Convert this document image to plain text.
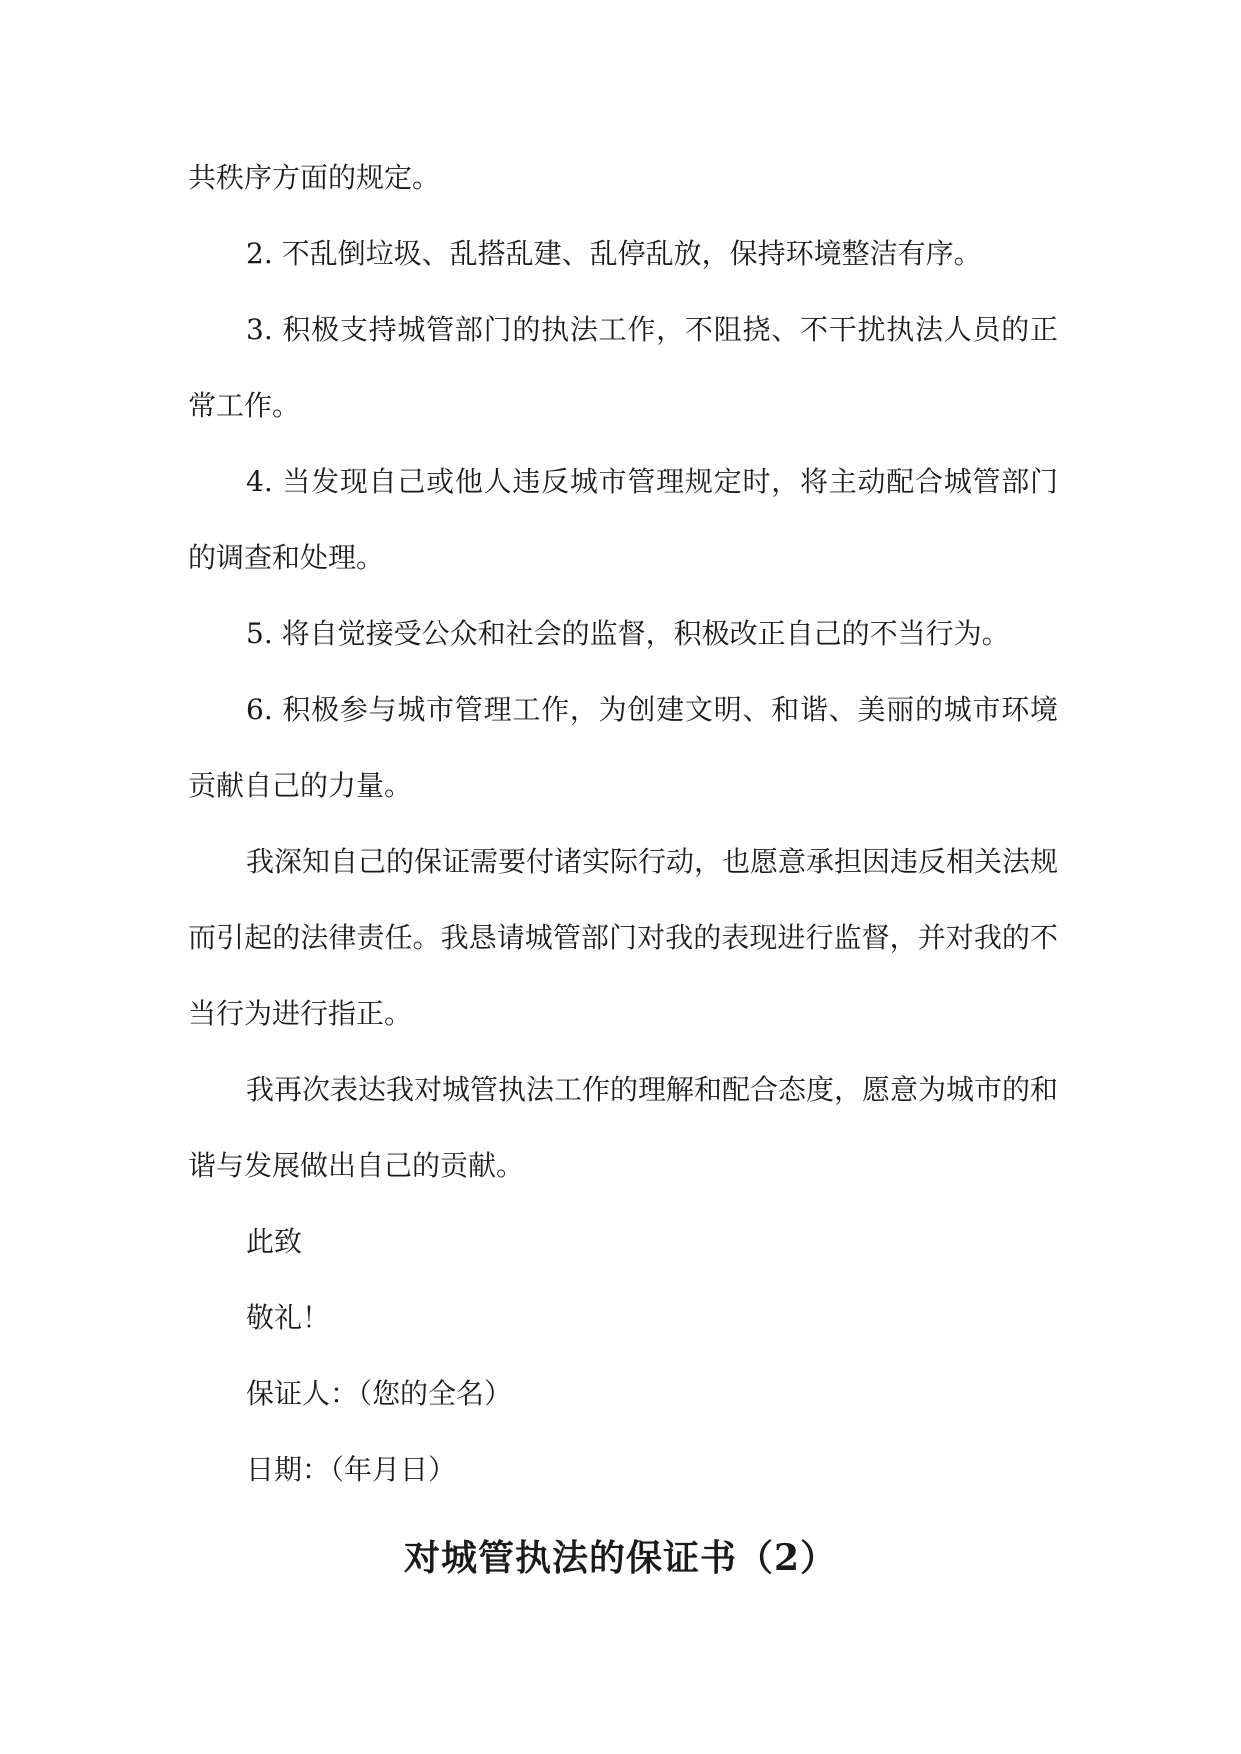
共秩序方面的规定。

2. 不乱倒垃圾、乱搭乱建、乱停乱放，保持环境整洁有序。

3. 积极支持城管部门的执法工作，不阻挠、不干扰执法人员的正常工作。

4. 当发现自己或他人违反城市管理规定时，将主动配合城管部门的调查和处理。

5. 将自觉接受公众和社会的监督，积极改正自己的不当行为。

6. 积极参与城市管理工作，为创建文明、和谐、美丽的城市环境贡献自己的力量。

我深知自己的保证需要付诸实际行动，也愿意承担因违反相关法规而引起的法律责任。我恳请城管部门对我的表现进行监督，并对我的不当行为进行指正。

我再次表达我对城管执法工作的理解和配合态度，愿意为城市的和谐与发展做出自己的贡献。

此致

敬礼！

保证人：（您的全名）

日期：（年月日）

对城管执法的保证书（2）
